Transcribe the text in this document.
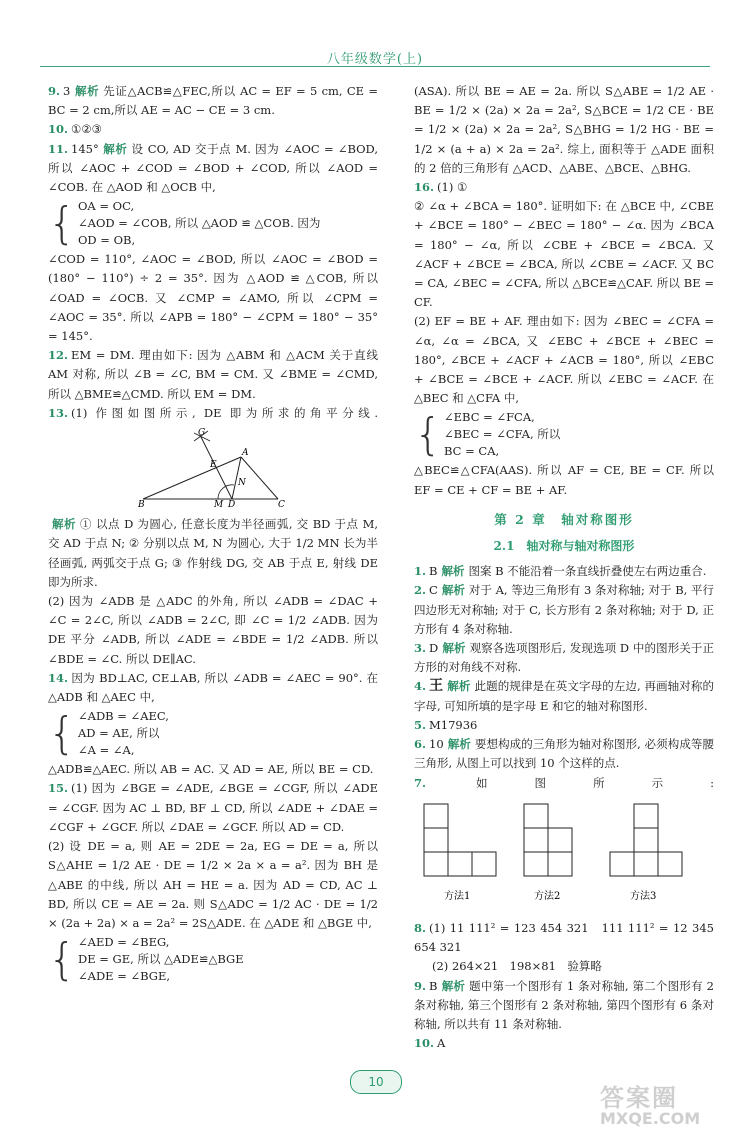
八年级数学(上)
9. 3 解析 先证△ACB≌△FEC,所以 AC = EF = 5 cm, CE = BC = 2 cm,所以 AE = AC − CE = 3 cm.
10. ①②③
11. 145° 解析 设 CO, AD 交于点 M. 因为 ∠AOC = ∠BOD, 所以 ∠AOC + ∠COD = ∠BOD + ∠COD, 所以 ∠AOD = ∠COB. 在 △AOD 和 △OCB 中,
{ OA = OC,
∠AOD = ∠COB, 所以 △AOD ≌ △COB. 因为
OD = OB,
∠COD = 110°, ∠AOC = ∠BOD, 所以 ∠AOC = ∠BOD = (180° − 110°) ÷ 2 = 35°. 因为 △AOD ≌ △COB, 所以 ∠OAD = ∠OCB. 又 ∠CMP = ∠AMO, 所以 ∠CPM = ∠AOC = 35°. 所以 ∠APB = 180° − ∠CPM = 180° − 35° = 145°.
12. EM = DM. 理由如下: 因为 △ABM 和 △ACM 关于直线 AM 对称, 所以 ∠B = ∠C, BM = CM. 又 ∠BME = ∠CMD, 所以 △BME≌△CMD. 所以 EM = DM.
13. (1) 作图如图所示, DE 即为所求的角平分线.
G
E
A
N
B	M D	C
解析 ① 以点 D 为圆心, 任意长度为半径画弧, 交 BD 于点 M, 交 AD 于点 N; ② 分别以点 M, N 为圆心, 大于 1/2 MN 长为半径画弧, 两弧交于点 G; ③ 作射线 DG, 交 AB 于点 E, 射线 DE 即为所求.
(2) 因为 ∠ADB 是 △ADC 的外角, 所以 ∠ADB = ∠DAC + ∠C = 2∠C, 所以 ∠ADB = 2∠C, 即 ∠C = 1/2 ∠ADB. 因为 DE 平分 ∠ADB, 所以 ∠ADE = ∠BDE = 1/2 ∠ADB. 所以 ∠BDE = ∠C. 所以 DE∥AC.
14. 因为 BD⊥AC, CE⊥AB, 所以 ∠ADB = ∠AEC = 90°. 在 △ADB 和 △AEC 中,
{ ∠ADB = ∠AEC,
AD = AE, 所以
∠A = ∠A,
△ADB≌△AEC. 所以 AB = AC. 又 AD = AE, 所以 BE = CD.
15. (1) 因为 ∠BGE = ∠ADE, ∠BGE = ∠CGF, 所以 ∠ADE = ∠CGF. 因为 AC ⊥ BD, BF ⊥ CD, 所以 ∠ADE + ∠DAE = ∠CGF + ∠GCF. 所以 ∠DAE = ∠GCF. 所以 AD = CD.
(2) 设 DE = a, 则 AE = 2DE = 2a, EG = DE = a, 所以 S△AHE = 1/2 AE · DE = 1/2 × 2a × a = a². 因为 BH 是 △ABE 的中线, 所以 AH = HE = a. 因为 AD = CD, AC ⊥ BD, 所以 CE = AE = 2a. 则 S△ADC = 1/2 AC · DE = 1/2 × (2a + 2a) × a = 2a² = 2S△ADE. 在 △ADE 和 △BGE 中,
{ ∠AED = ∠BEG,
DE = GE, 所以 △ADE≌△BGE
∠ADE = ∠BGE,
(ASA). 所以 BE = AE = 2a. 所以 S△ABE = 1/2 AE · BE = 1/2 × (2a) × 2a = 2a², S△BCE = 1/2 CE · BE = 1/2 × (2a) × 2a = 2a², S△BHG = 1/2 HG · BE = 1/2 × (a + a) × 2a = 2a². 综上, 面积等于 △ADE 面积的 2 倍的三角形有 △ACD、△ABE、△BCE、△BHG.
16. (1) ①
② ∠α + ∠BCA = 180°. 证明如下: 在 △BCE 中, ∠CBE + ∠BCE = 180° − ∠BEC = 180° − ∠α. 因为 ∠BCA = 180° − ∠α, 所以 ∠CBE + ∠BCE = ∠BCA. 又 ∠ACF + ∠BCE = ∠BCA, 所以 ∠CBE = ∠ACF. 又 BC = CA, ∠BEC = ∠CFA, 所以 △BCE≌△CAF. 所以 BE = CF.
(2) EF = BE + AF. 理由如下: 因为 ∠BEC = ∠CFA = ∠α, ∠α = ∠BCA, 又 ∠EBC + ∠BCE + ∠BEC = 180°, ∠BCE + ∠ACF + ∠ACB = 180°, 所以 ∠EBC + ∠BCE = ∠BCE + ∠ACF. 所以 ∠EBC = ∠ACF. 在 △BEC 和 △CFA 中,
{ ∠EBC = ∠FCA,
∠BEC = ∠CFA, 所以
BC = CA,
△BEC≌△CFA(AAS). 所以 AF = CE, BE = CF. 所以 EF = CE + CF = BE + AF.
第 2 章　轴对称图形
2.1　轴对称与轴对称图形
1. B 解析 图案 B 不能沿着一条直线折叠使左右两边重合.
2. C 解析 对于 A, 等边三角形有 3 条对称轴; 对于 B, 平行四边形无对称轴; 对于 C, 长方形有 2 条对称轴; 对于 D, 正方形有 4 条对称轴.
3. D 解析 观察各选项图形后, 发现选项 D 中的图形关于正方形的对角线不对称.
4. 王 解析 此题的规律是在英文字母的左边, 再画轴对称的字母, 可知所填的是字母 E 和它的轴对称图形.
5. M17936
6. 10 解析 要想构成的三角形为轴对称图形, 必须构成等腰三角形, 从图上可以找到 10 个这样的点.
7. 如图所示:
方法1	方法2	方法3
8. (1) 11 111² = 123 454 321　111 111² = 12 345 654 321
(2) 264×21　198×81　验算略
9. B 解析 题中第一个图形有 1 条对称轴, 第二个图形有 2 条对称轴, 第三个图形有 2 条对称轴, 第四个图形有 6 条对称轴, 所以共有 11 条对称轴.
10. A
10
答案圈
MXQE.COM
